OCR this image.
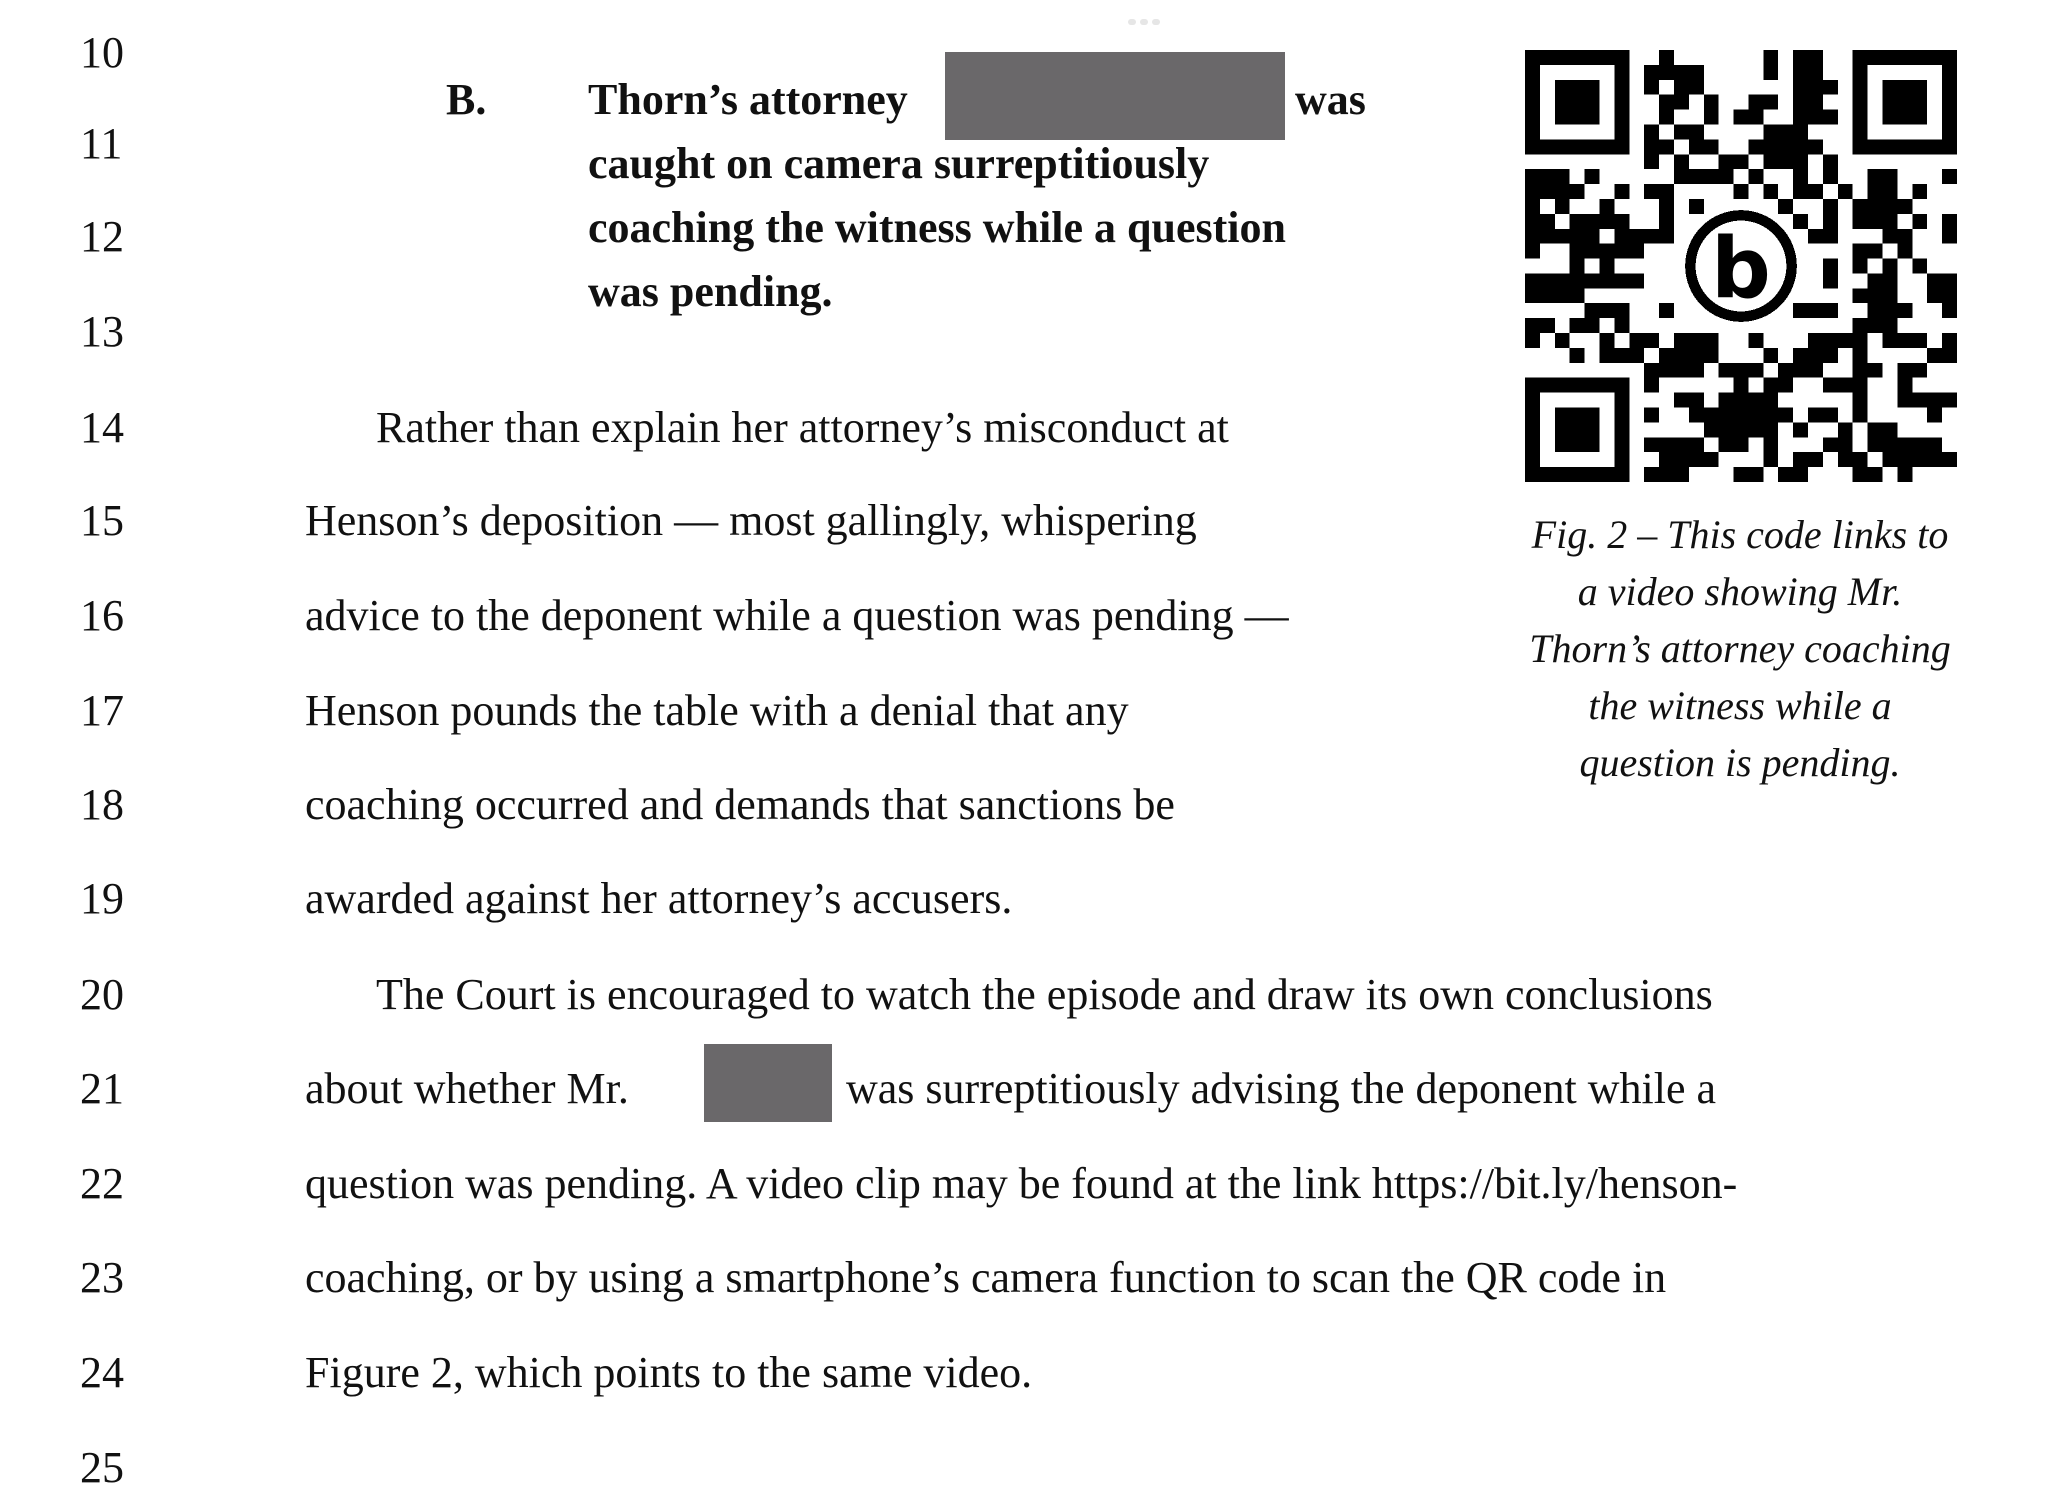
10
11
12
13
14
15
16
17
18
19
20
21
22
23
24
25
B. Thorn’s attorney	was
caught on camera surreptitiously
coaching the witness while a question
was pending.
Rather than explain her attorney’s misconduct at
Henson’s deposition — most gallingly, whispering
advice to the deponent while a question was pending —
Henson pounds the table with a denial that any
coaching occurred and demands that sanctions be
awarded against her attorney’s accusers.
The Court is encouraged to watch the episode and draw its own conclusions
about whether Mr.	was surreptitiously advising the deponent while a
question was pending. A video clip may be found at the link https://bit.ly/henson-
coaching, or by using a smartphone’s camera function to scan the QR code in
Figure 2, which points to the same video.
b
Fig. 2 – This code links to
a video showing Mr.
Thorn’s attorney coaching
the witness while a
question is pending.
